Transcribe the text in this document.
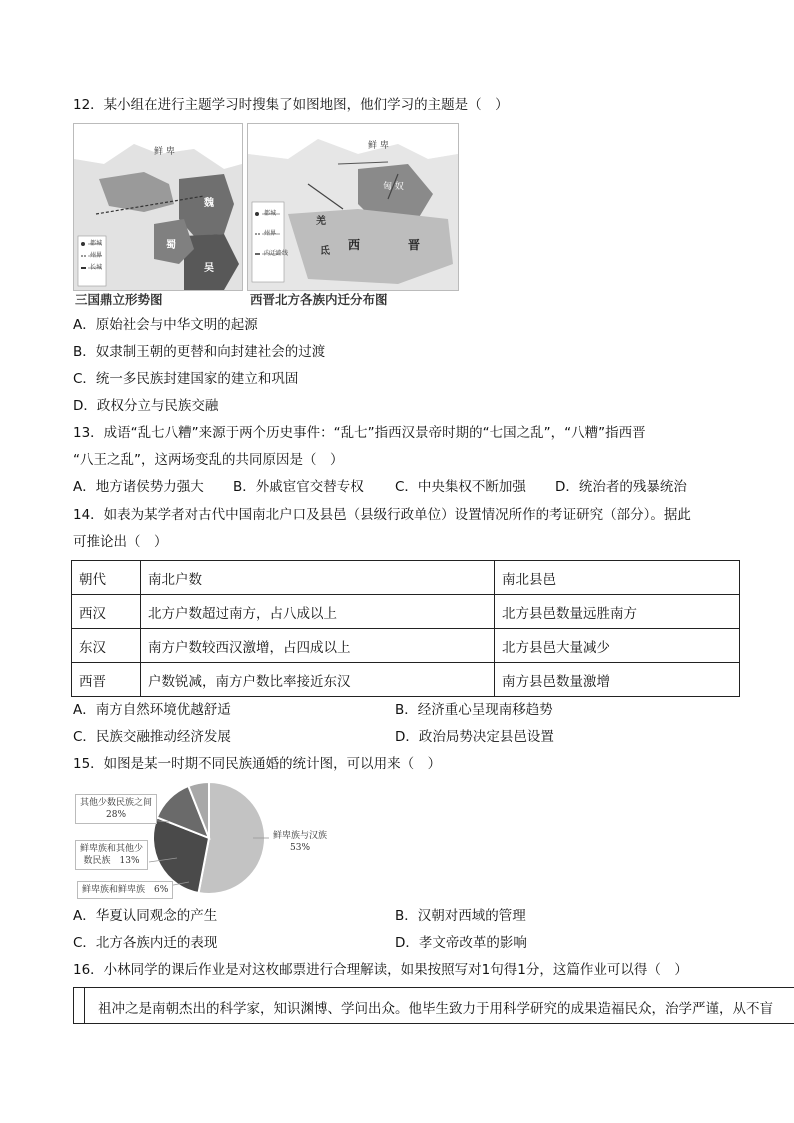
12．某小组在进行主题学习时搜集了如图地图，他们学习的主题是（　）
鲜 卑
魏
蜀
吴
都城
州界
长城
鲜 卑
匈 奴
羌
氐 西	晋
都城
州界
内迁路线
三国鼎立形势图	西晋北方各族内迁分布图
A．原始社会与中华文明的起源
B．奴隶制王朝的更替和向封建社会的过渡
C．统一多民族封建国家的建立和巩固
D．政权分立与民族交融
13．成语“乱七八糟”来源于两个历史事件：“乱七”指西汉景帝时期的“七国之乱”，“八糟”指西晋
“八王之乱”，这两场变乱的共同原因是（　）
A．地方诸侯势力强大 B．外戚宦官交替专权 C．中央集权不断加强 D．统治者的残暴统治
14．如表为某学者对古代中国南北户口及县邑（县级行政单位）设置情况所作的考证研究（部分）。据此
可推论出（　）
朝代	南北户数	南北县邑
西汉	北方户数超过南方，占八成以上	北方县邑数量远胜南方
东汉	南方户数较西汉激增，占四成以上	北方县邑大量减少
西晋	户数锐减，南方户数比率接近东汉	南方县邑数量激增
A．南方自然环境优越舒适	B．经济重心呈现南移趋势
C．民族交融推动经济发展	D．政治局势决定县邑设置
15．如图是某一时期不同民族通婚的统计图，可以用来（　）
其他少数民族之间
28%
鲜卑族和其他少
数民族　13%
鲜卑族和鲜卑族　6%
鲜卑族与汉族
53%
A．华夏认同观念的产生	B．汉朝对西域的管理
C．北方各族内迁的表现	D．孝文帝改革的影响
16．小林同学的课后作业是对这枚邮票进行合理解读，如果按照写对1句得1分，这篇作业可以得（　）
祖冲之是南朝杰出的科学家，知识渊博、学问出众。他毕生致力于用科学研究的成果造福民众，治学严谨，从不盲
